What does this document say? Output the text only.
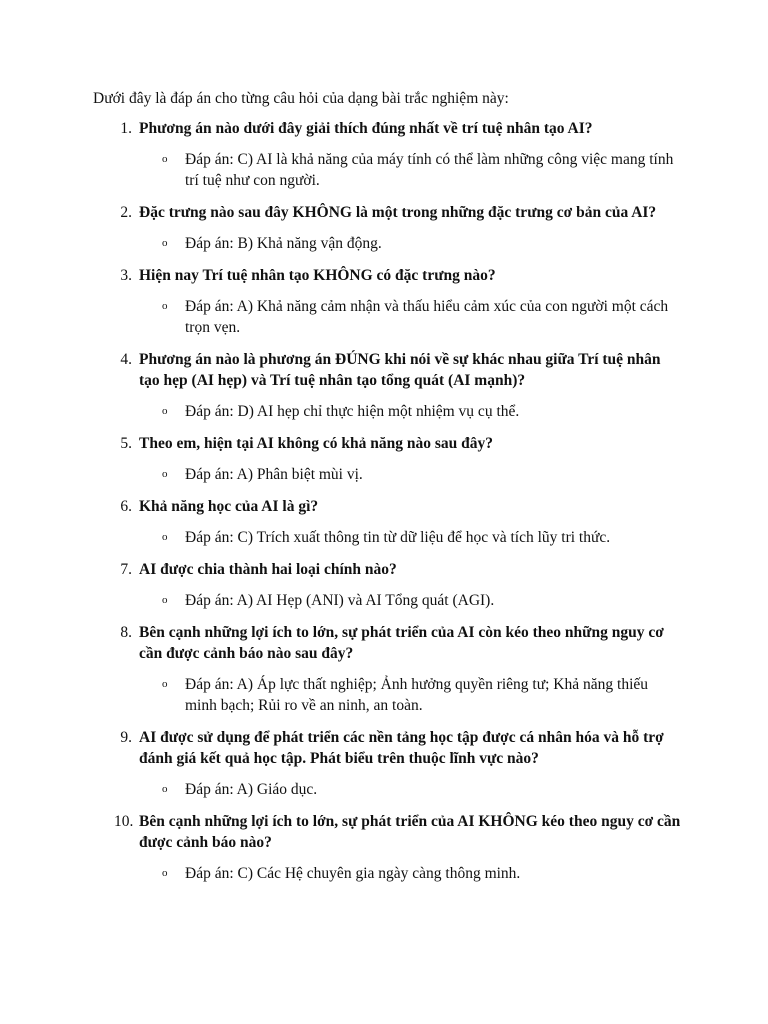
Dưới đây là đáp án cho từng câu hỏi của dạng bài trắc nghiệm này:
1. Phương án nào dưới đây giải thích đúng nhất về trí tuệ nhân tạo AI?
o Đáp án: C) AI là khả năng của máy tính có thể làm những công việc mang tính trí tuệ như con người.
2. Đặc trưng nào sau đây KHÔNG là một trong những đặc trưng cơ bản của AI?
o Đáp án: B) Khả năng vận động.
3. Hiện nay Trí tuệ nhân tạo KHÔNG có đặc trưng nào?
o Đáp án: A) Khả năng cảm nhận và thấu hiểu cảm xúc của con người một cách trọn vẹn.
4. Phương án nào là phương án ĐÚNG khi nói về sự khác nhau giữa Trí tuệ nhân tạo hẹp (AI hẹp) và Trí tuệ nhân tạo tổng quát (AI mạnh)?
o Đáp án: D) AI hẹp chỉ thực hiện một nhiệm vụ cụ thể.
5. Theo em, hiện tại AI không có khả năng nào sau đây?
o Đáp án: A) Phân biệt mùi vị.
6. Khả năng học của AI là gì?
o Đáp án: C) Trích xuất thông tin từ dữ liệu để học và tích lũy tri thức.
7. AI được chia thành hai loại chính nào?
o Đáp án: A) AI Hẹp (ANI) và AI Tổng quát (AGI).
8. Bên cạnh những lợi ích to lớn, sự phát triển của AI còn kéo theo những nguy cơ cần được cảnh báo nào sau đây?
o Đáp án: A) Áp lực thất nghiệp; Ảnh hưởng quyền riêng tư; Khả năng thiếu minh bạch; Rủi ro về an ninh, an toàn.
9. AI được sử dụng để phát triển các nền tảng học tập được cá nhân hóa và hỗ trợ đánh giá kết quả học tập. Phát biểu trên thuộc lĩnh vực nào?
o Đáp án: A) Giáo dục.
10. Bên cạnh những lợi ích to lớn, sự phát triển của AI KHÔNG kéo theo nguy cơ cần được cảnh báo nào?
o Đáp án: C) Các Hệ chuyên gia ngày càng thông minh.
